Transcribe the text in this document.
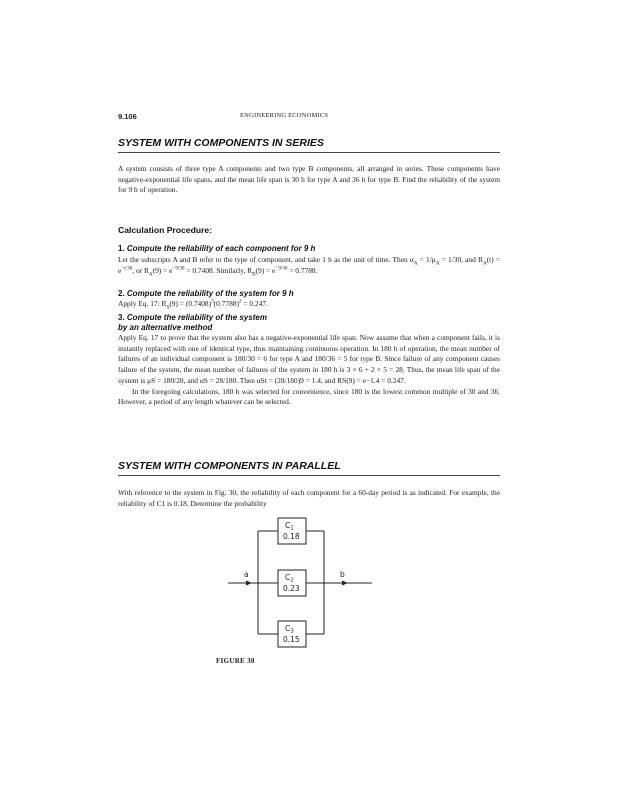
9.106	ENGINEERING ECONOMICS
SYSTEM WITH COMPONENTS IN SERIES

A system consists of three type A components and two type B components, all arranged in series. These components have negative-exponential life spans, and the mean life span is 30 h for type A and 36 h for type B. Find the reliability of the system for 9 h of operation.

Calculation Procedure:
1. Compute the reliability of each component for 9 h

Let the subscripts A and B refer to the type of component, and take 1 h as the unit of time. Then $\alpha_A = 1/\mu_A = 1/30$, and $R_A(t) = e^{-t/30}$, or $R_A(9) = e^{-9/30} = 0.7408$. Similarly, $R_B(9) = e^{-9/36} = 0.7788$.

2. Compute the reliability of the system for 9 h

Apply Eq. 17: $R_S(9) = (0.7408)^3(0.7788)^2 = 0.247$.

3. Compute the reliability of the system
by an alternative method

Apply Eq. 17 to prove that the system also has a negative-exponential life span. Now assume that when a component fails, it is instantly replaced with one of identical type, thus maintaining continuous operation. In 180 h of operation, the mean number of failures of an individual component is 180/30 = 6 for type A and 180/36 = 5 for type B. Since failure of any component causes failure of the system, the mean number of failures of the system in 180 h is 3 × 6 + 2 × 5 = 28. Thus, the mean life span of the system is μS = 180/28, and αS = 28/180. Then αSt = (28/180)9 = 1.4, and RS(9) = e−1.4 = 0.247.

In the foregoing calculations, 180 h was selected for convenience, since 180 is the lowest common multiple of 30 and 36. However, a period of any length whatever can be selected.

SYSTEM WITH COMPONENTS IN PARALLEL

With reference to the system in Fig. 30, the reliability of each component for a 60-day period is as indicated. For example, the reliability of C1 is 0.18. Determine the probability

a	b
$C_1$
0.18
$C_2$
0.23
$C_3$
0.15
FIGURE 30
